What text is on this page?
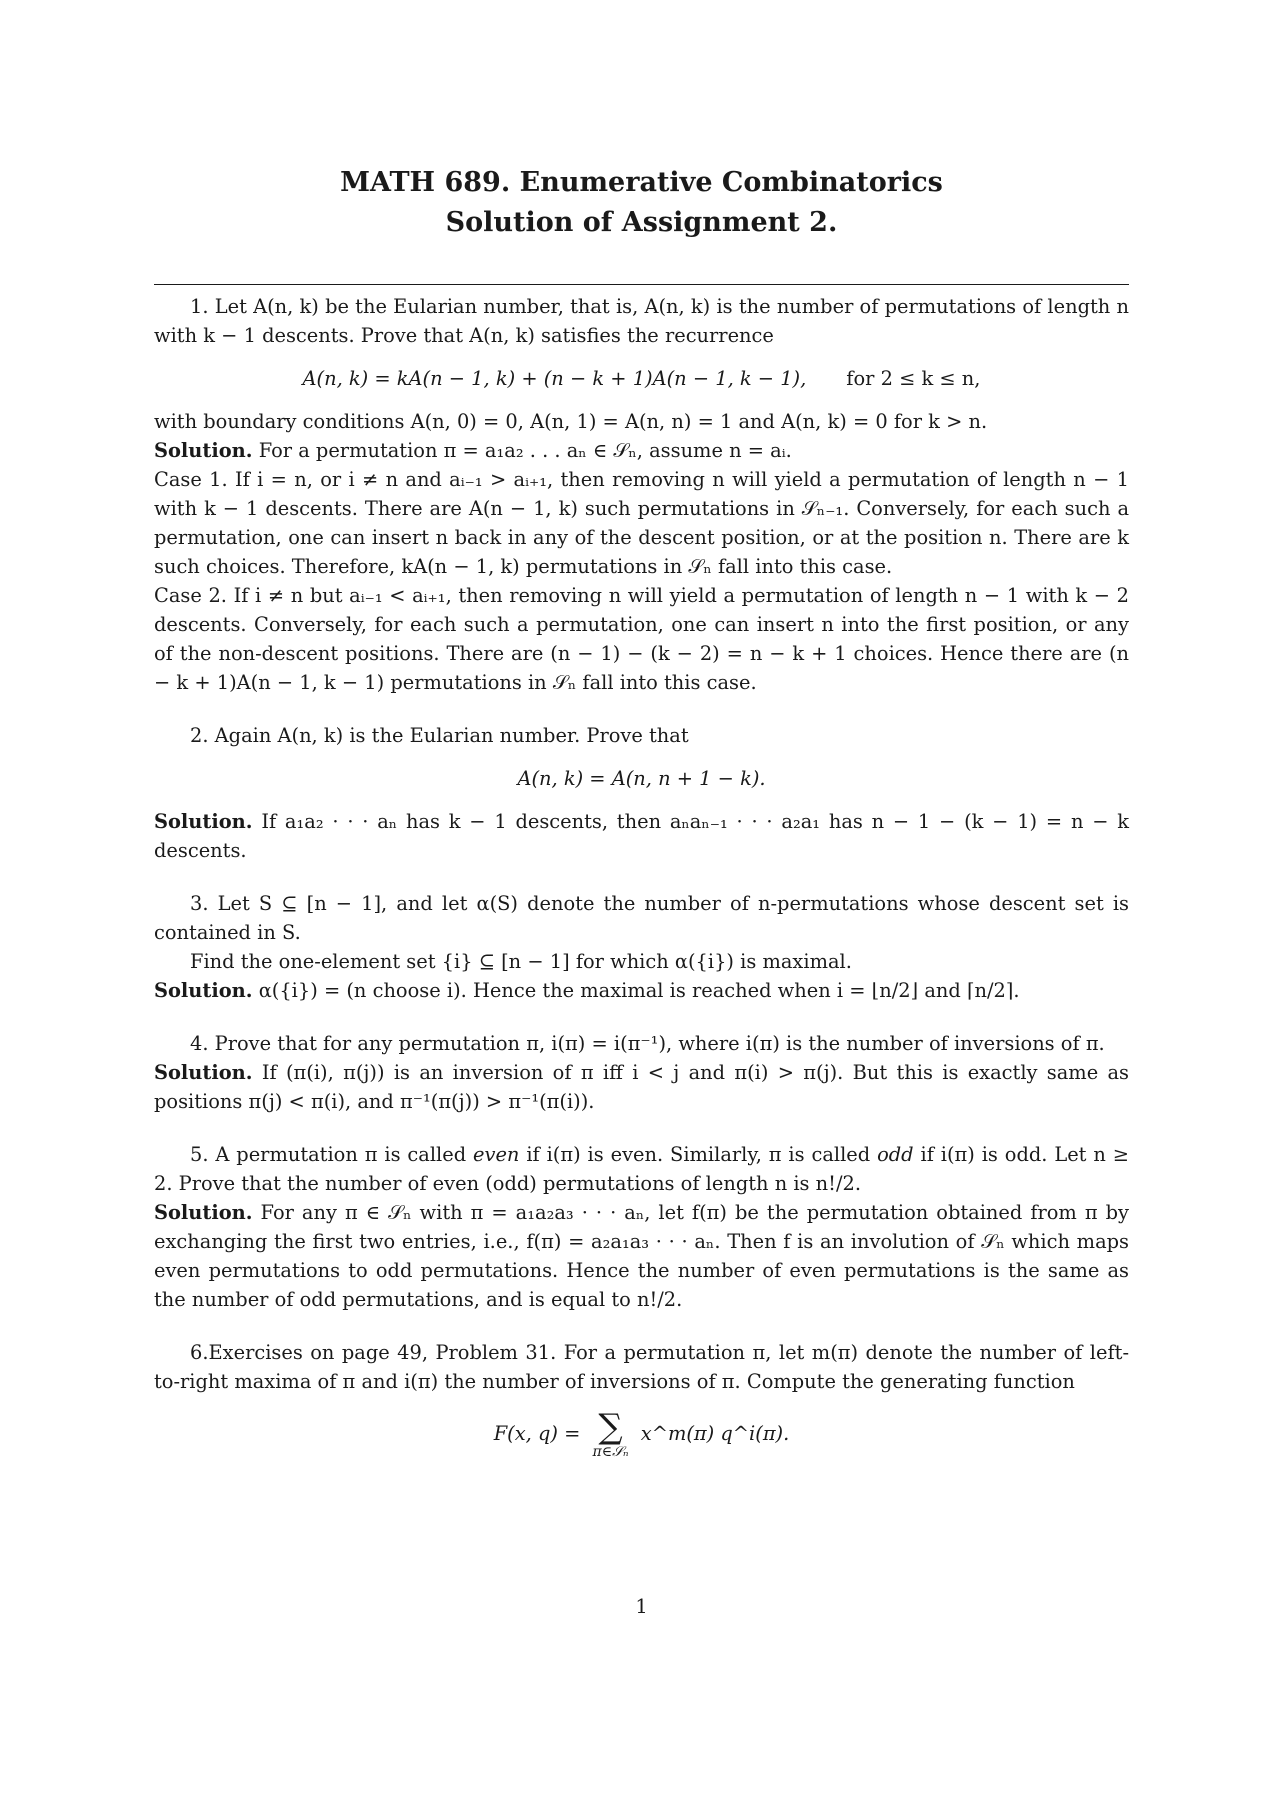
MATH 689. Enumerative Combinatorics
Solution of Assignment 2.

1. Let A(n, k) be the Eularian number, that is, A(n, k) is the number of permutations of length n with k − 1 descents. Prove that A(n, k) satisfies the recurrence

A(n, k) = kA(n − 1, k) + (n − k + 1)A(n − 1, k − 1), for 2 ≤ k ≤ n,

with boundary conditions A(n, 0) = 0, A(n, 1) = A(n, n) = 1 and A(n, k) = 0 for k > n.

Solution. For a permutation π = a₁a₂ . . . aₙ ∈ 𝒮ₙ, assume n = aᵢ.

Case 1. If i = n, or i ≠ n and aᵢ₋₁ > aᵢ₊₁, then removing n will yield a permutation of length n − 1 with k − 1 descents. There are A(n − 1, k) such permutations in 𝒮ₙ₋₁. Conversely, for each such a permutation, one can insert n back in any of the descent position, or at the position n. There are k such choices. Therefore, kA(n − 1, k) permutations in 𝒮ₙ fall into this case.

Case 2. If i ≠ n but aᵢ₋₁ < aᵢ₊₁, then removing n will yield a permutation of length n − 1 with k − 2 descents. Conversely, for each such a permutation, one can insert n into the first position, or any of the non-descent positions. There are (n − 1) − (k − 2) = n − k + 1 choices. Hence there are (n − k + 1)A(n − 1, k − 1) permutations in 𝒮ₙ fall into this case.

2. Again A(n, k) is the Eularian number. Prove that

A(n, k) = A(n, n + 1 − k).

Solution. If a₁a₂ · · · aₙ has k − 1 descents, then aₙaₙ₋₁ · · · a₂a₁ has n − 1 − (k − 1) = n − k descents.

3. Let S ⊆ [n − 1], and let α(S) denote the number of n-permutations whose descent set is contained in S.

Find the one-element set {i} ⊆ [n − 1] for which α({i}) is maximal.

Solution. α({i}) = (n choose i). Hence the maximal is reached when i = ⌊n/2⌋ and ⌈n/2⌉.

4. Prove that for any permutation π, i(π) = i(π⁻¹), where i(π) is the number of inversions of π.

Solution. If (π(i), π(j)) is an inversion of π iff i < j and π(i) > π(j). But this is exactly same as positions π(j) < π(i), and π⁻¹(π(j)) > π⁻¹(π(i)).

5. A permutation π is called even if i(π) is even. Similarly, π is called odd if i(π) is odd. Let n ≥ 2. Prove that the number of even (odd) permutations of length n is n!/2.

Solution. For any π ∈ 𝒮ₙ with π = a₁a₂a₃ · · · aₙ, let f(π) be the permutation obtained from π by exchanging the first two entries, i.e., f(π) = a₂a₁a₃ · · · aₙ. Then f is an involution of 𝒮ₙ which maps even permutations to odd permutations. Hence the number of even permutations is the same as the number of odd permutations, and is equal to n!/2.

6.Exercises on page 49, Problem 31. For a permutation π, let m(π) denote the number of left-to-right maxima of π and i(π) the number of inversions of π. Compute the generating function

F(x, q) = ∑
π∈𝒮ₙ
x^m(π) q^i(π).
1
